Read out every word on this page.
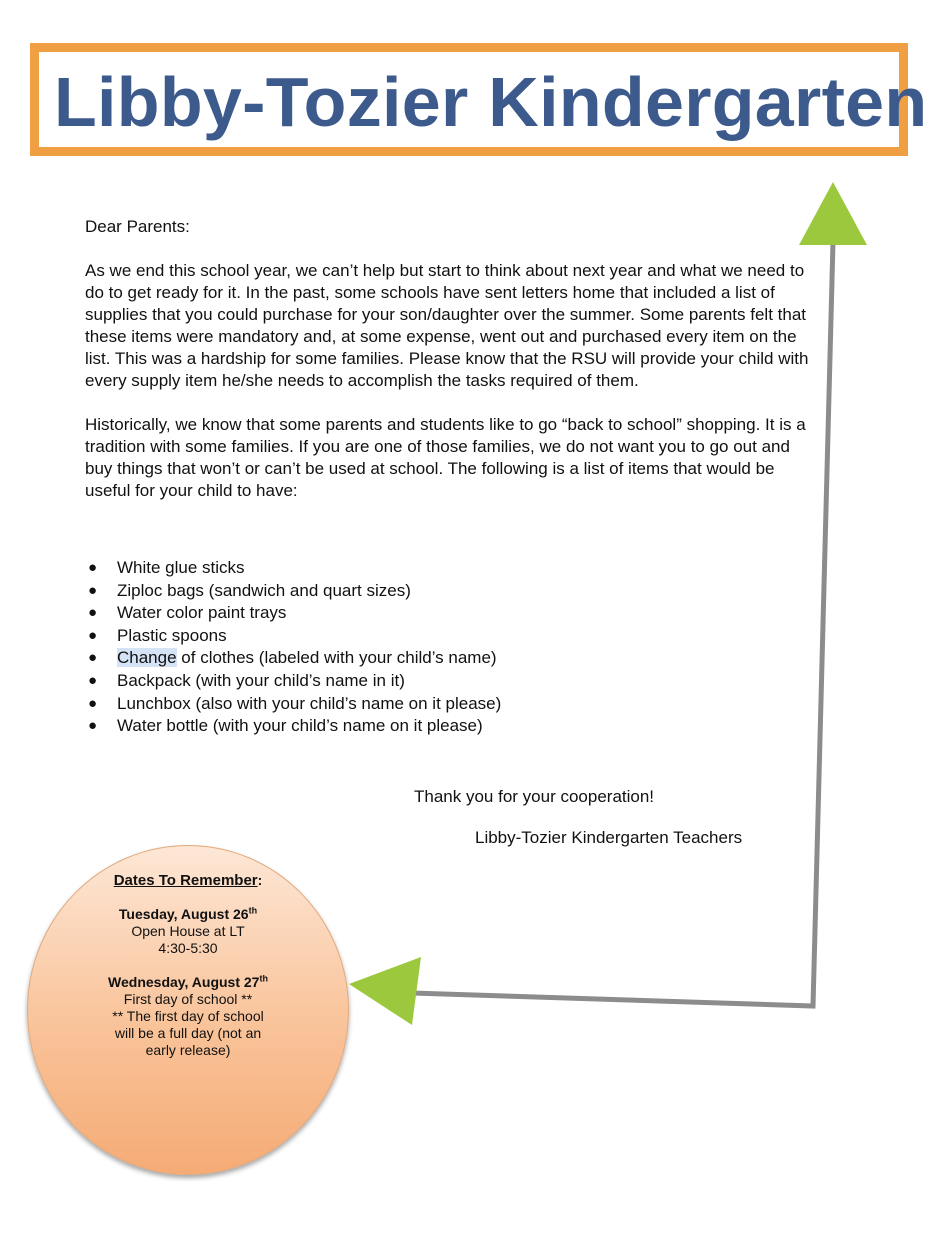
Libby-Tozier Kindergarten

Dear Parents:

As we end this school year, we can’t help but start to think about next year and what we need to do to get ready for it. In the past, some schools have sent letters home that included a list of supplies that you could purchase for your son/daughter over the summer. Some parents felt that these items were mandatory and, at some expense, went out and purchased every item on the list. This was a hardship for some families. Please know that the RSU will provide your child with every supply item he/she needs to accomplish the tasks required of them.

Historically, we know that some parents and students like to go “back to school” shopping. It is a tradition with some families. If you are one of those families, we do not want you to go out and buy things that won’t or can’t be used at school. The following is a list of items that would be useful for your child to have:

● White glue sticks
● Ziploc bags (sandwich and quart sizes)
● Water color paint trays
● Plastic spoons
● Change of clothes (labeled with your child’s name)
● Backpack (with your child’s name in it)
● Lunchbox (also with your child’s name on it please)
● Water bottle (with your child’s name on it please)
Thank you for your cooperation!
Libby-Tozier Kindergarten Teachers
Dates To Remember:
Tuesday, August 26th
Open House at LT
4:30-5:30
Wednesday, August 27th
First day of school **
** The first day of school
will be a full day (not an
early release)
